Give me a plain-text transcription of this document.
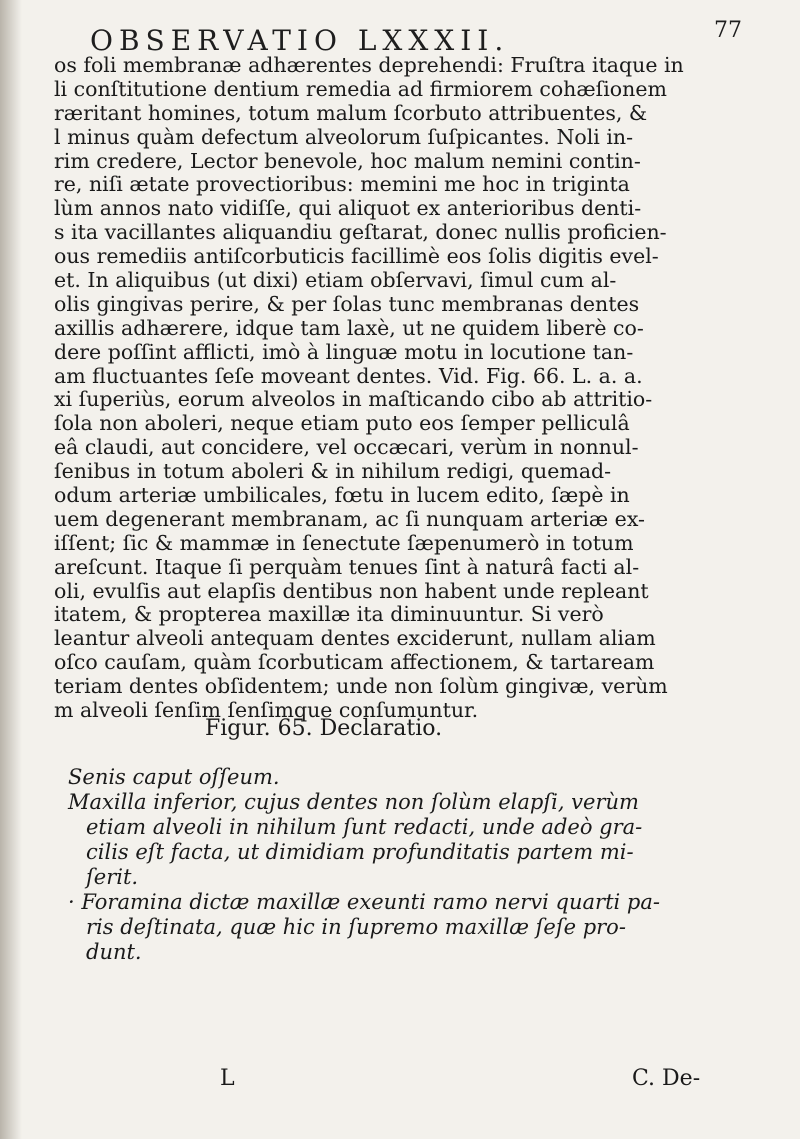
OBSERVATIO LXXXII.	77
os foli membranæ adhærentes deprehendi: Fruſtra itaque in
li conſtitutione dentium remedia ad firmiorem cohæſionem
ræritant homines, totum malum ſcorbuto attribuentes, &
l minus quàm defectum alveolorum ſuſpicantes. Noli in-
rim credere, Lector benevole, hoc malum nemini contin-
re, niſi ætate provectioribus: memini me hoc in triginta
lùm annos nato vidiſſe, qui aliquot ex anterioribus denti-
s ita vacillantes aliquandiu geſtarat, donec nullis proficien-
ous remediis antiſcorbuticis facillimè eos ſolis digitis evel-
et. In aliquibus (ut dixi) etiam obſervavi, ſimul cum al-
olis gingivas perire, & per ſolas tunc membranas dentes
axillis adhærere, idque tam laxè, ut ne quidem liberè co-
dere poſſint afflicti, imò à linguæ motu in locutione tan-
am fluctuantes ſeſe moveant dentes. Vid. Fig. 66. L. a. a.
xi ſuperiùs, eorum alveolos in maſticando cibo ab attritio-
ſola non aboleri, neque etiam puto eos ſemper pelliculâ
eâ claudi, aut concidere, vel occæcari, verùm in nonnul-
ſenibus in totum aboleri & in nihilum redigi, quemad-
odum arteriæ umbilicales, fœtu in lucem edito, ſæpè in
uem degenerant membranam, ac ſi nunquam arteriæ ex-
iſſent; ſic & mammæ in ſenectute ſæpenumerò in totum
areſcunt. Itaque ſi perquàm tenues ſint à naturâ facti al-
oli, evulſis aut elapſis dentibus non habent unde repleant
itatem, & propterea maxillæ ita diminuuntur. Si verò
leantur alveoli antequam dentes exciderunt, nullam aliam
oſco cauſam, quàm ſcorbuticam affectionem, & tartaream
teriam dentes obſidentem; unde non ſolùm gingivæ, verùm
m alveoli ſenſim ſenſimque conſumuntur.
Figur. 65. Declaratio.
Senis caput oſſeum.
Maxilla inferior, cujus dentes non ſolùm elapſi, verùm
etiam alveoli in nihilum ſunt redacti, unde adeò gra-
cilis eſt facta, ut dimidiam profunditatis partem mi-
ſerit.
· Foramina dictæ maxillæ exeunti ramo nervi quarti pa-
ris deſtinata, quæ hic in ſupremo maxillæ ſeſe pro-
dunt.
L	C. De-
